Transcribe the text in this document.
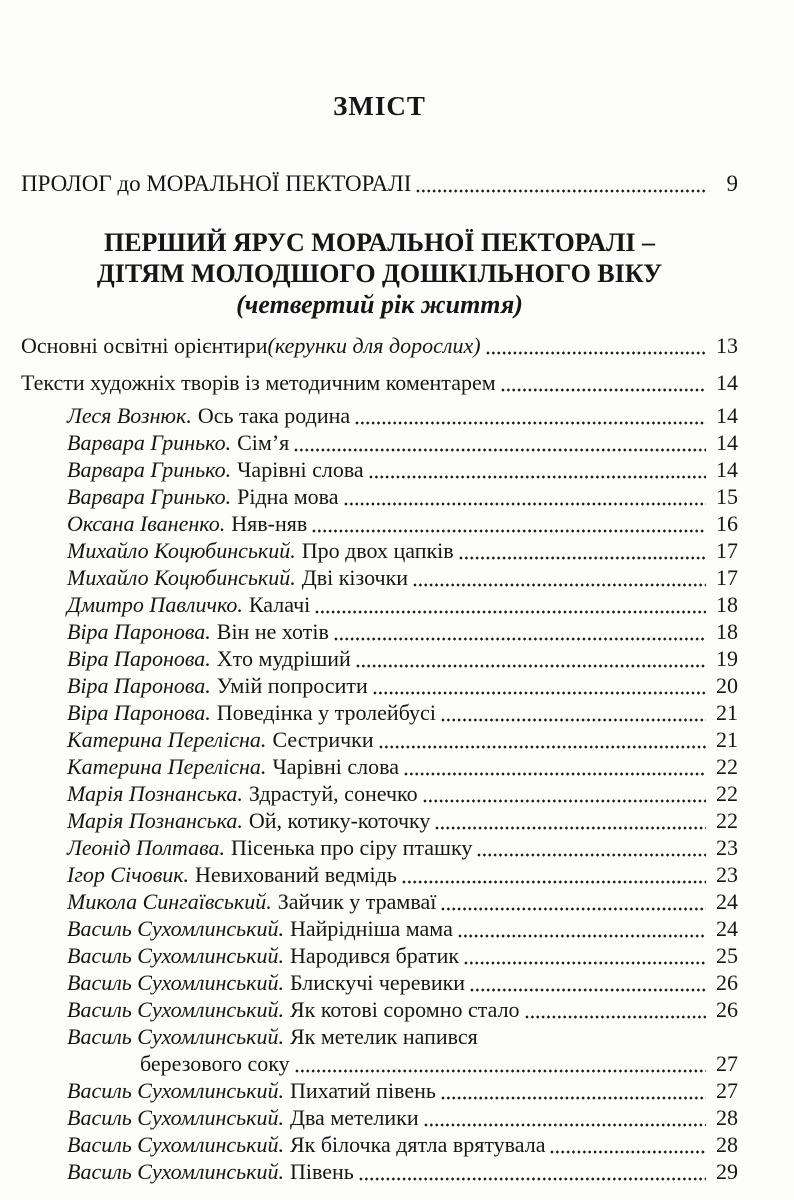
ЗМІСТ
ПРОЛОГ до МОРАЛЬНОЇ ПЕКТОРАЛІ	9
ПЕРШИЙ ЯРУС МОРАЛЬНОЇ ПЕКТОРАЛІ –
ДІТЯМ МОЛОДШОГО ДОШКІЛЬНОГО ВІКУ
(четвертий рік життя)
Основні освітні орієнтири (керунки для дорослих)	13
Тексти художніх творів із методичним коментарем	14
Леся Вознюк. Ось така родина	14
Варвара Гринько. Сім’я	14
Варвара Гринько. Чарівні слова	14
Варвара Гринько. Рідна мова	15
Оксана Іваненко. Няв-няв	16
Михайло Коцюбинський. Про двох цапків	17
Михайло Коцюбинський. Дві кізочки	17
Дмитро Павличко. Калачі	18
Віра Паронова. Він не хотів	18
Віра Паронова. Хто мудріший	19
Віра Паронова. Умій попросити	20
Віра Паронова. Поведінка у тролейбусі	21
Катерина Перелісна. Сестрички	21
Катерина Перелісна. Чарівні слова	22
Марія Познанська. Здрастуй, сонечко	22
Марія Познанська. Ой, котику-коточку	22
Леонід Полтава. Пісенька про сіру пташку	23
Ігор Січовик. Невихований ведмідь	23
Микола Сингаївський. Зайчик у трамваї	24
Василь Сухомлинський. Найрідніша мама	24
Василь Сухомлинський. Народився братик	25
Василь Сухомлинський. Блискучі черевики	26
Василь Сухомлинський. Як котові соромно стало	26
Василь Сухомлинський. Як метелик напився
березового соку	27
Василь Сухомлинський. Пихатий півень	27
Василь Сухомлинський. Два метелики	28
Василь Сухомлинський. Як білочка дятла врятувала	28
Василь Сухомлинський. Півень	29
